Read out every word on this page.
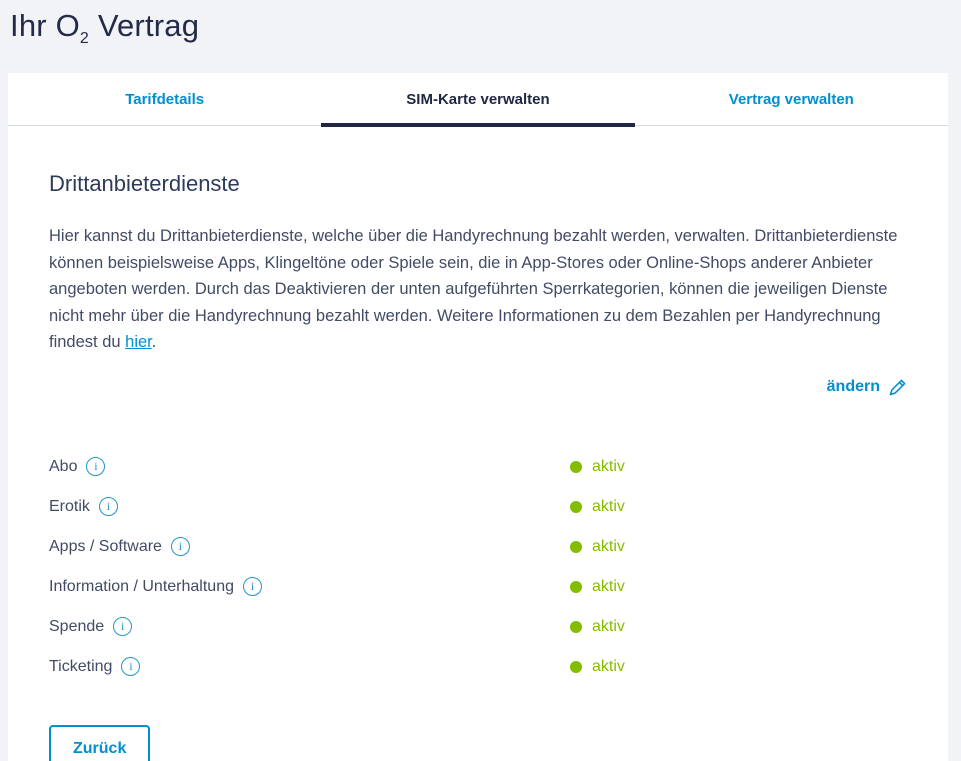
Ihr $O_2$ Vertrag
Tarifdetails	SIM-Karte verwalten	Vertrag verwalten
Drittanbieterdienste

Hier kannst du Drittanbieterdienste, welche über die Handyrechnung bezahlt werden, verwalten. Drittanbieterdienste können beispielsweise Apps, Klingeltöne oder Spiele sein, die in App-Stores oder Online-Shops anderer Anbieter angeboten werden. Durch das Deaktivieren der unten aufgeführten Sperrkategorien, können die jeweiligen Dienste nicht mehr über die Handyrechnung bezahlt werden. Weitere Informationen zu dem Bezahlen per Handyrechnung findest du hier.

ändern
Abo	i	aktiv
Erotik	i	aktiv
Apps / Software	i	aktiv
Information / Unterhaltung	i	aktiv
Spende	i	aktiv
Ticketing	i	aktiv
Zurück
